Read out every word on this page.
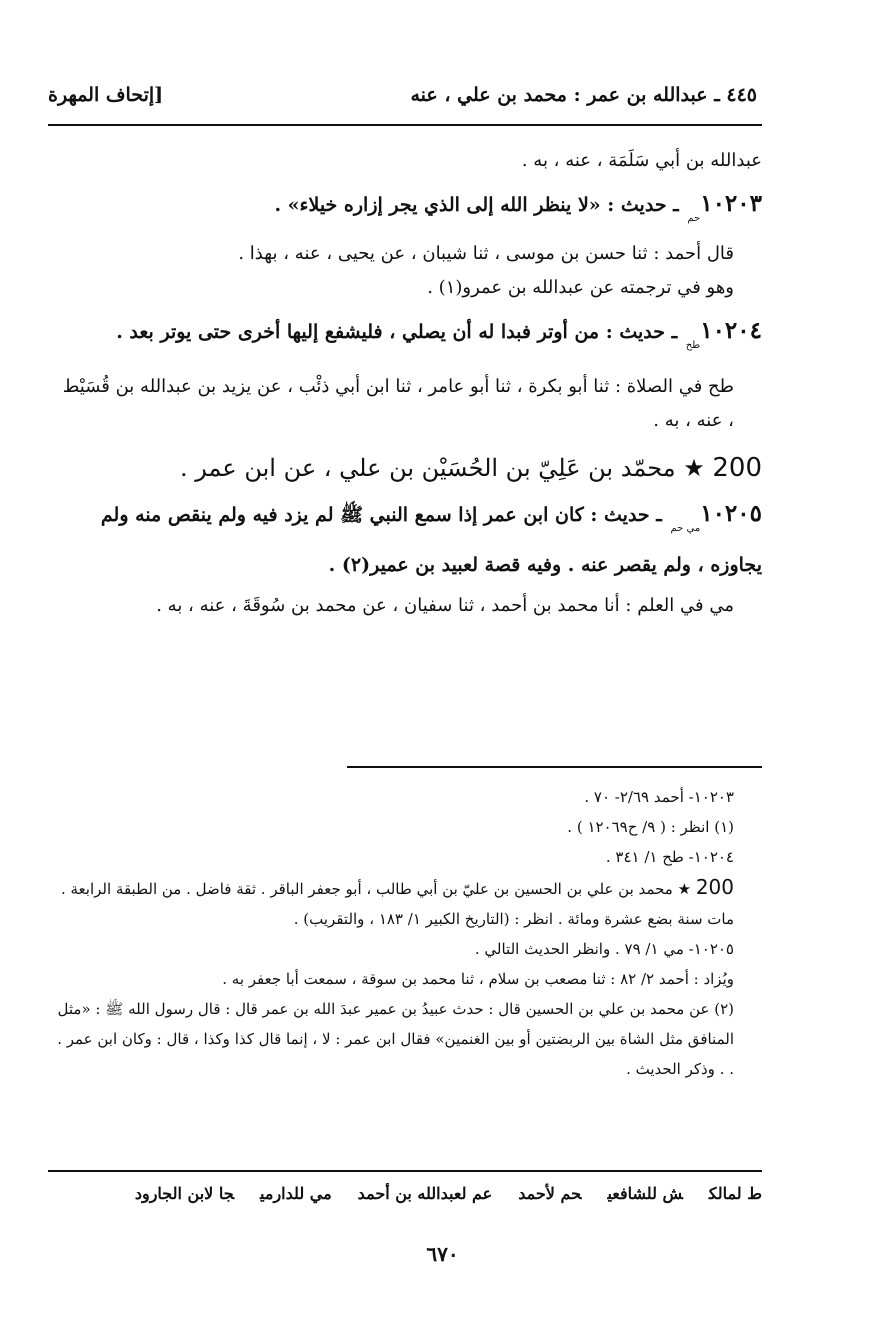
٤٤٥ ـ عبدالله بن عمر : محمد بن علي ، عنه
[إتحاف المهرة

عبدالله بن أبي سَلَمَة ، عنه ، به .

$١٠٢٠٣_{حم}$ ـ حديث : «لا ينظر الله إلى الذي يجر إزاره خيلاء» .

قال أحمد : ثنا حسن بن موسى ، ثنا شيبان ، عن يحيى ، عنه ، بهذا .

وهو في ترجمته عن عبدالله بن عمرو(١) .

$١٠٢٠٤_{طح}$ ـ حديث : من أوتر فبدا له أن يصلي ، فليشفع إليها أخرى حتى يوتر بعد .

طح في الصلاة : ثنا أبو بكرة ، ثنا أبو عامر ، ثنا ابن أبي ذئْب ، عن يزيد بن عبدالله بن قُسَيْط ، عنه ، به .

200 ★ محمّد بن عَلِيّ بن الحُسَيْن بن علي ، عن ابن عمر .

$١٠٢٠٥_{مي حم}$ ـ حديث : كان ابن عمر إذا سمع النبي ﷺ لم يزد فيه ولم ينقص منه ولم يجاوزه ، ولم يقصر عنه . وفيه قصة لعبيد بن عمير(٢) .

مي في العلم : أنا محمد بن أحمد ، ثنا سفيان ، عن محمد بن سُوقَةَ ، عنه ، به .

١٠٢٠٣- أحمد ٢/٦٩- ٧٠ .

(١) انظر : ( ٩/ ح١٢٠٦٩ ) .

١٠٢٠٤- طح ١/ ٣٤١ .

200 ★ محمد بن علي بن الحسين بن عليّ بن أبي طالب ، أبو جعفر الباقر . ثقة فاضل . من الطبقة الرابعة . مات سنة بضع عشرة ومائة . انظر : (التاريخ الكبير ١/ ١٨٣ ، والتقريب) .

١٠٢٠٥- مي ١/ ٧٩ . وانظر الحديث التالي .

ويُزاد : أحمد ٢/ ٨٢ : ثنا مصعب بن سلام ، ثنا محمد بن سوقة ، سمعت أبا جعفر به .

(٢) عن محمد بن علي بن الحسين قال : حدث عبيدُ بن عمير عبدَ الله بن عمر قال : قال رسول الله ﷺ : «مثل المنافق مثل الشاة بين الربضتين أو بين الغنمين» فقال ابن عمر : لا ، إنما قال كذا وكذا ، قال : وكان ابن عمر . . . وذكر الحديث .

ط لمالكش للشافعيحم لأحمدعم لعبدالله بن أحمدمي للدارميجا لابن الجارود
٦٧٠
